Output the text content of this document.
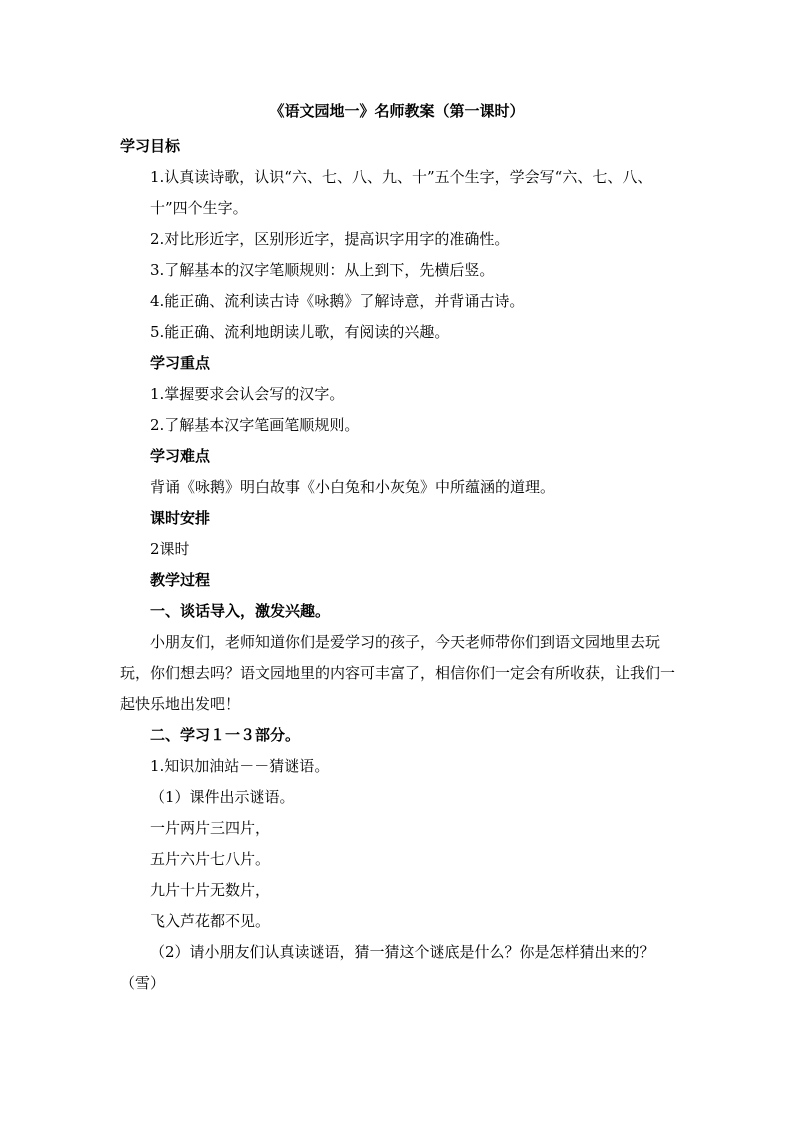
《语文园地一》名师教案（第一课时）

学习目标

1.认真读诗歌，认识“六、七、八、九、十”五个生字，学会写“六、七、八、十”四个生字。

2.对比形近字，区别形近字，提高识字用字的准确性。

3.了解基本的汉字笔顺规则：从上到下，先横后竖。

4.能正确、流利读古诗《咏鹅》了解诗意，并背诵古诗。

5.能正确、流利地朗读儿歌，有阅读的兴趣。

学习重点

1.掌握要求会认会写的汉字。

2.了解基本汉字笔画笔顺规则。

学习难点

背诵《咏鹅》明白故事《小白兔和小灰兔》中所蕴涵的道理。

课时安排

2课时

教学过程

一、谈话导入，激发兴趣。

小朋友们，老师知道你们是爱学习的孩子，今天老师带你们到语文园地里去玩玩，你们想去吗？语文园地里的内容可丰富了，相信你们一定会有所收获，让我们一起快乐地出发吧！

二、学习１一３部分。

1.知识加油站－－猜谜语。

（1）课件出示谜语。

一片两片三四片，

五片六片七八片。

九片十片无数片，

飞入芦花都不见。

（2）请小朋友们认真读谜语，猜一猜这个谜底是什么？你是怎样猜出来的？（雪）
